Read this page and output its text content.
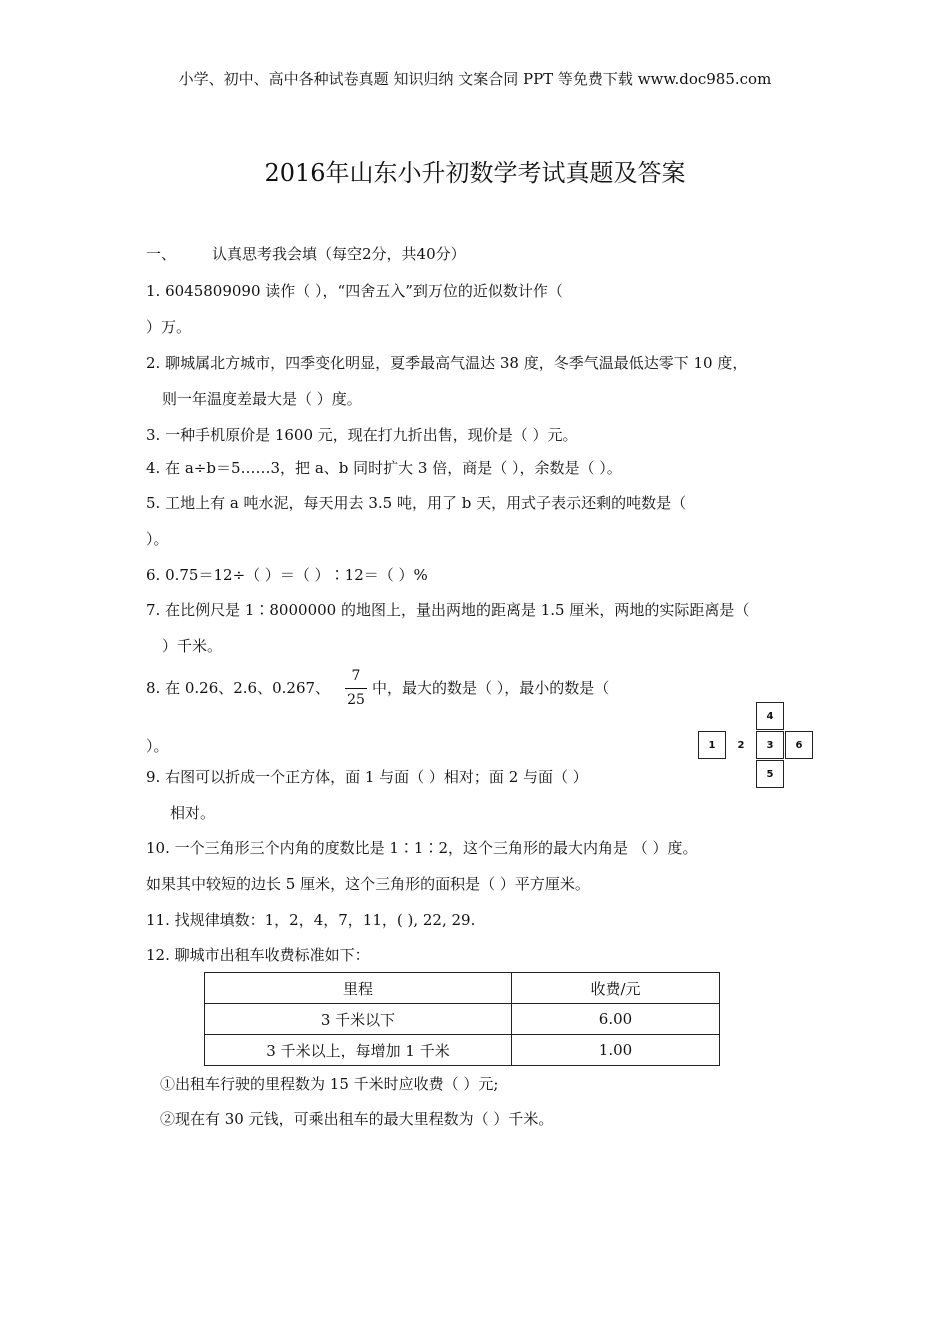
小学、初中、高中各种试卷真题 知识归纳 文案合同 PPT 等免费下载 www.doc985.com
2016年山东小升初数学考试真题及答案
一、 认真思考我会填（每空2分，共40分）
1. 6045809090 读作（ ），“四舍五入”到万位的近似数计作（
）万。
2. 聊城属北方城市，四季变化明显，夏季最高气温达 38 度，冬季气温最低达零下 10 度，
则一年温度差最大是（ ）度。
3. 一种手机原价是 1600 元，现在打九折出售，现价是（ ）元。
4. 在 a÷b＝5……3，把 a、b 同时扩大 3 倍，商是（ ），余数是（ ）。
5. 工地上有 a 吨水泥，每天用去 3.5 吨，用了 b 天，用式子表示还剩的吨数是（
）。
6. 0.75＝12÷（ ）＝（ ）∶12＝（ ）%
7. 在比例尺是 1∶8000000 的地图上，量出两地的距离是 1.5 厘米，两地的实际距离是（
）千米。
8. 在 0.26、2.6、0.267、
7
25
中，最大的数是（ ），最小的数是（
）。
4
1	2	3	6
5
9. 右图可以折成一个正方体，面 1 与面（ ）相对；面 2 与面（ ）
相对。
10. 一个三角形三个内角的度数比是 1∶1∶2，这个三角形的最大内角是 （ ）度。
如果其中较短的边长 5 厘米，这个三角形的面积是（ ）平方厘米。
11. 找规律填数：1，2，4，7，11，( ), 22, 29.
12. 聊城市出租车收费标准如下：
里程	收费/元
3 千米以下	6.00
3 千米以上，每增加 1 千米	1.00
①出租车行驶的里程数为 15 千米时应收费（ ）元;
②现在有 30 元钱，可乘出租车的最大里程数为（ ）千米。
